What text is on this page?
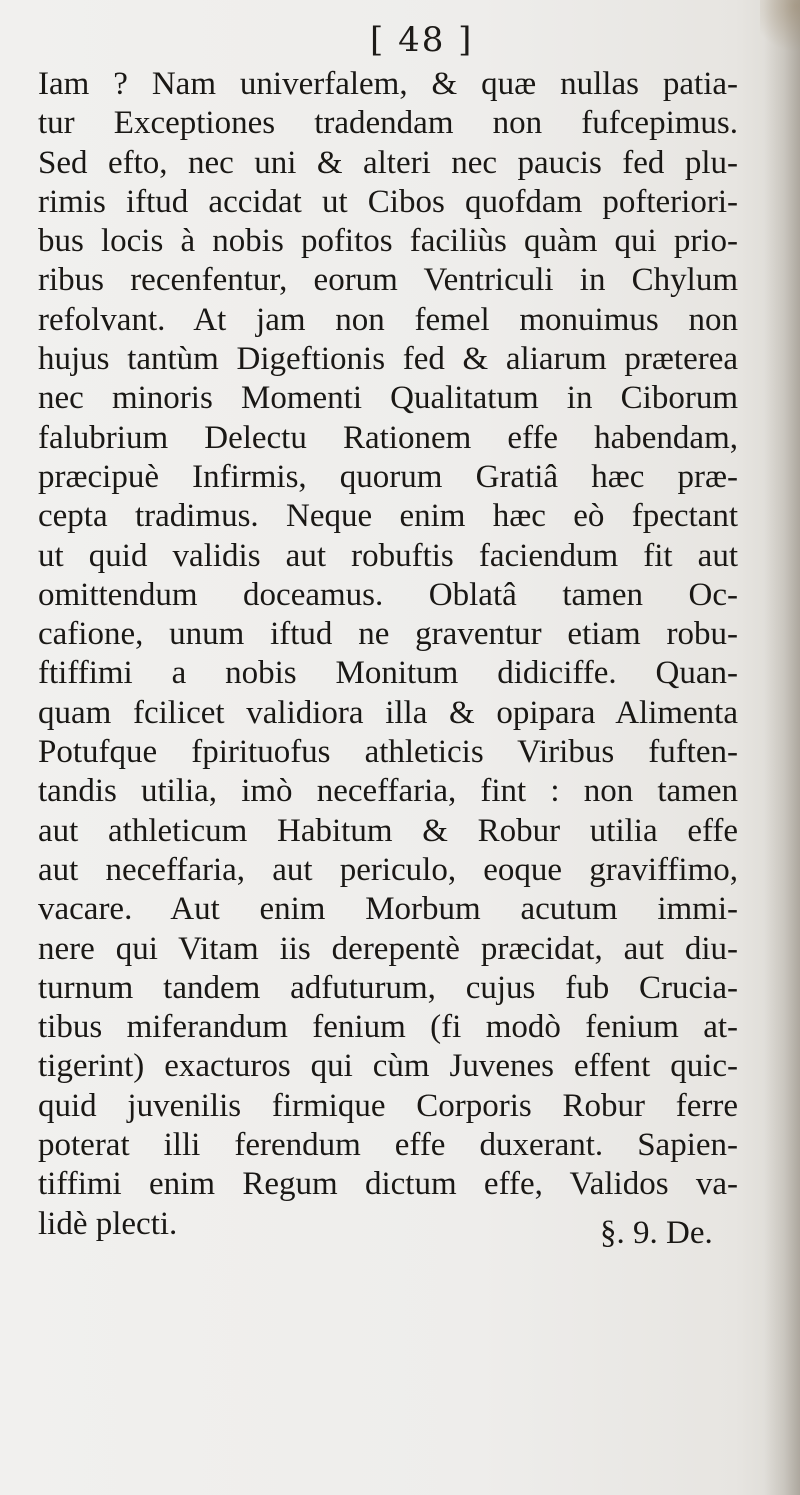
[ 48 ]
Iam ? Nam univerfalem, & quæ nullas patia-
tur Exceptiones tradendam non fufcepimus.
Sed efto, nec uni & alteri nec paucis fed plu-
rimis iftud accidat ut Cibos quofdam pofteriori-
bus locis à nobis pofitos faciliùs quàm qui prio-
ribus recenfentur, eorum Ventriculi in Chylum
refolvant. At jam non femel monuimus non
hujus tantùm Digeftionis fed & aliarum præterea
nec minoris Momenti Qualitatum in Ciborum
falubrium Delectu Rationem effe habendam,
præcipuè Infirmis, quorum Gratiâ hæc præ-
cepta tradimus. Neque enim hæc eò fpectant
ut quid validis aut robuftis faciendum fit aut
omittendum doceamus. Oblatâ tamen Oc-
cafione, unum iftud ne graventur etiam robu-
ftiffimi a nobis Monitum didiciffe. Quan-
quam fcilicet validiora illa & opipara Alimenta
Potufque fpirituofus athleticis Viribus fuften-
tandis utilia, imò neceffaria, fint : non tamen
aut athleticum Habitum & Robur utilia effe
aut neceffaria, aut periculo, eoque graviffimo,
vacare. Aut enim Morbum acutum immi-
nere qui Vitam iis derepentè præcidat, aut diu-
turnum tandem adfuturum, cujus fub Crucia-
tibus miferandum fenium (fi modò fenium at-
tigerint) exacturos qui cùm Juvenes effent quic-
quid juvenilis firmique Corporis Robur ferre
poterat illi ferendum effe duxerant. Sapien-
tiffimi enim Regum dictum effe, Validos va-
lidè plecti.	§. 9. De.
